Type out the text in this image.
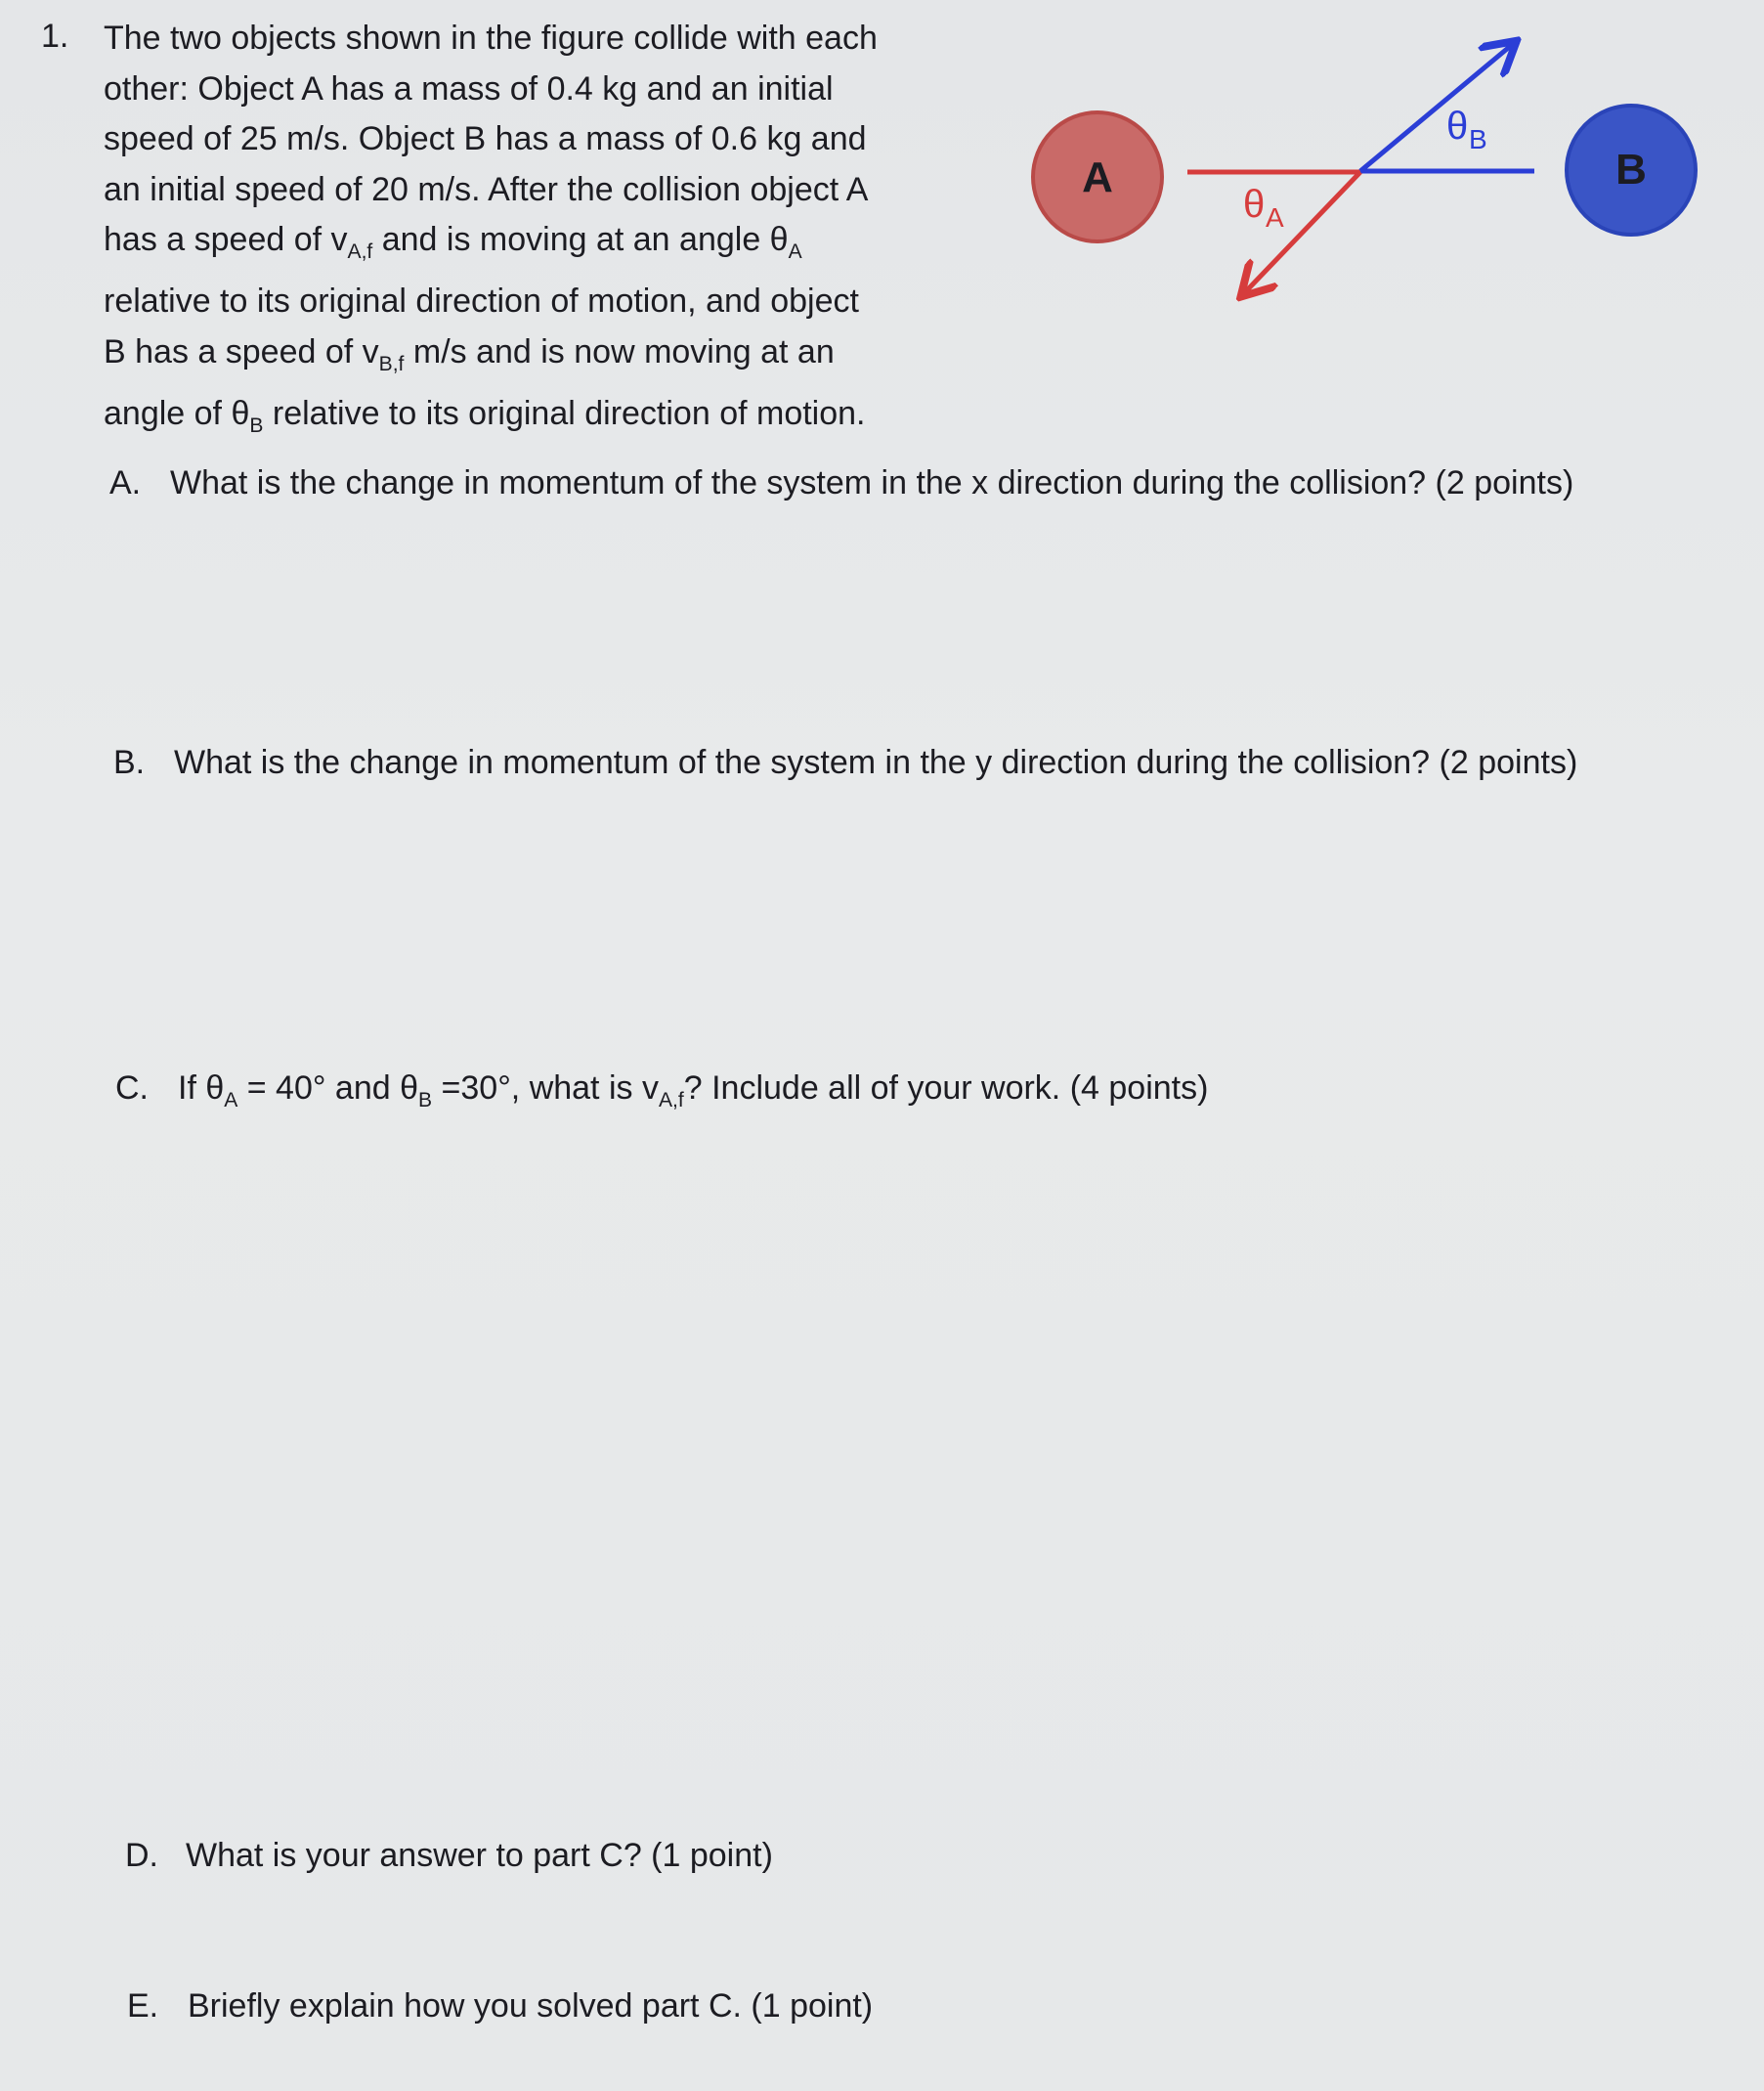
1. The two objects shown in the figure collide with each
other: Object A has a mass of 0.4 kg and an initial
speed of 25 m/s. Object B has a mass of 0.6 kg and
an initial speed of 20 m/s. After the collision object A
has a speed of $v_{A,f}$ and is moving at an angle $\theta_A$
relative to its original direction of motion, and object
B has a speed of $v_{B,f}$ m/s and is now moving at an
angle of $\theta_B$ relative to its original direction of motion.
A	B
θ A
θ B
A. What is the change in momentum of the system in the x direction during the collision? (2 points)
B. What is the change in momentum of the system in the y direction during the collision? (2 points)
C. If $\theta_A = 40^\circ$ and $\theta_B =30^\circ$, what is $v_{A,f}$? Include all of your work. (4 points)
D. What is your answer to part C? (1 point)
E. Briefly explain how you solved part C. (1 point)
